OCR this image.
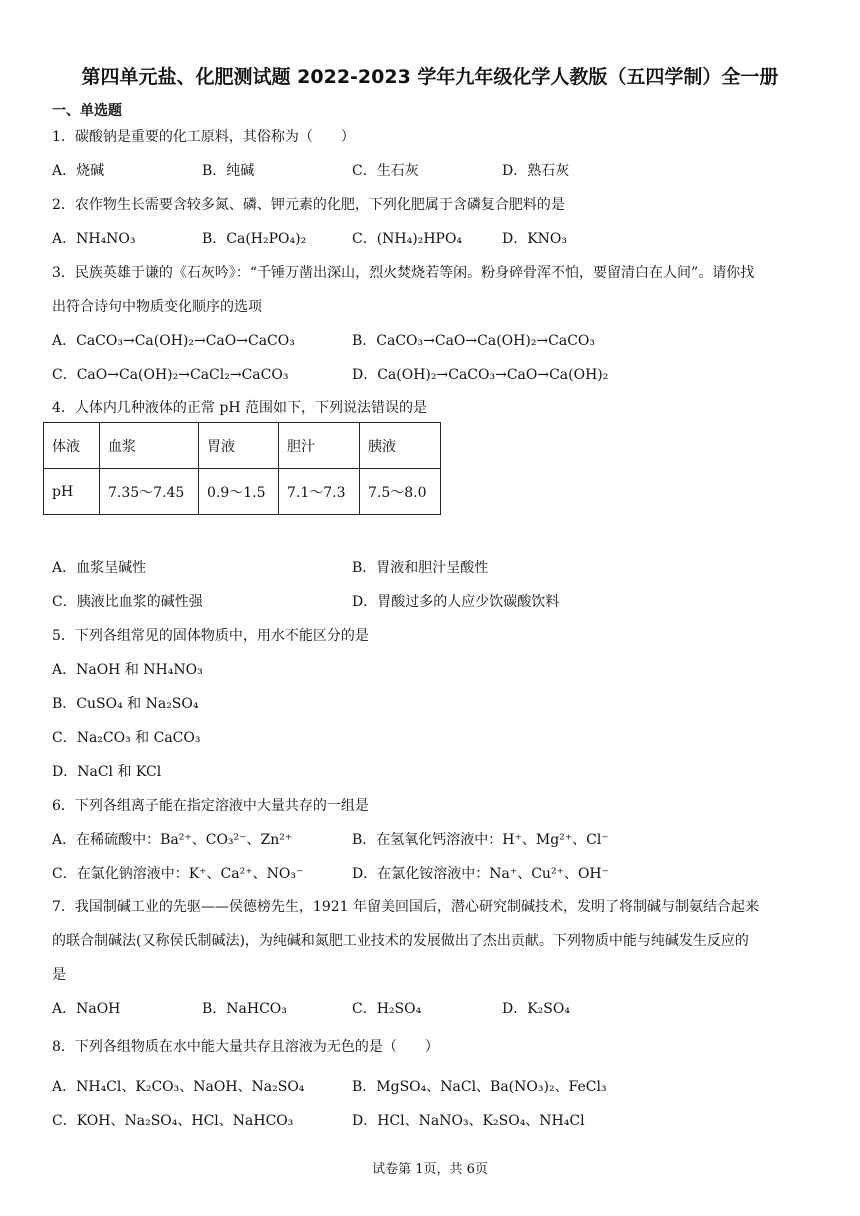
第四单元盐、化肥测试题 2022-2023 学年九年级化学人教版（五四学制）全一册
一、单选题
1．碳酸钠是重要的化工原料，其俗称为（　　）
A．烧碱	B．纯碱	C．生石灰	D．熟石灰
2．农作物生长需要含较多氮、磷、钾元素的化肥，下列化肥属于含磷复合肥料的是
A．NH₄NO₃	B．Ca(H₂PO₄)₂	C．(NH₄)₂HPO₄	D．KNO₃
3．民族英雄于谦的《石灰吟》：“千锤万凿出深山，烈火焚烧若等闲。粉身碎骨浑不怕，要留清白在人间”。请你找
出符合诗句中物质变化顺序的选项
A．CaCO₃→Ca(OH)₂→CaO→CaCO₃	B．CaCO₃→CaO→Ca(OH)₂→CaCO₃
C．CaO→Ca(OH)₂→CaCl₂→CaCO₃	D．Ca(OH)₂→CaCO₃→CaO→Ca(OH)₂
4．人体内几种液体的正常 pH 范围如下，下列说法错误的是
体液	血浆	胃液	胆汁	胰液
pH	7.35～7.45	0.9～1.5	7.1～7.3	7.5～8.0
A．血浆呈碱性	B．胃液和胆汁呈酸性
C．胰液比血浆的碱性强	D．胃酸过多的人应少饮碳酸饮料
5．下列各组常见的固体物质中，用水不能区分的是
A．NaOH 和 NH₄NO₃
B．CuSO₄ 和 Na₂SO₄
C．Na₂CO₃ 和 CaCO₃
D．NaCl 和 KCl
6．下列各组离子能在指定溶液中大量共存的一组是
A．在稀硫酸中：Ba²⁺、CO₃²⁻、Zn²⁺	B．在氢氧化钙溶液中：H⁺、Mg²⁺、Cl⁻
C．在氯化钠溶液中：K⁺、Ca²⁺、NO₃⁻	D．在氯化铵溶液中：Na⁺、Cu²⁺、OH⁻
7．我国制碱工业的先驱——侯德榜先生，1921 年留美回国后，潜心研究制碱技术，发明了将制碱与制氨结合起来
的联合制碱法(又称侯氏制碱法)，为纯碱和氮肥工业技术的发展做出了杰出贡献。下列物质中能与纯碱发生反应的
是
A．NaOH	B．NaHCO₃	C．H₂SO₄	D．K₂SO₄
8．下列各组物质在水中能大量共存且溶液为无色的是（　　）
A．NH₄Cl、K₂CO₃、NaOH、Na₂SO₄	B．MgSO₄、NaCl、Ba(NO₃)₂、FeCl₃
C．KOH、Na₂SO₄、HCl、NaHCO₃	D．HCl、NaNO₃、K₂SO₄、NH₄Cl
试卷第 1页，共 6页
